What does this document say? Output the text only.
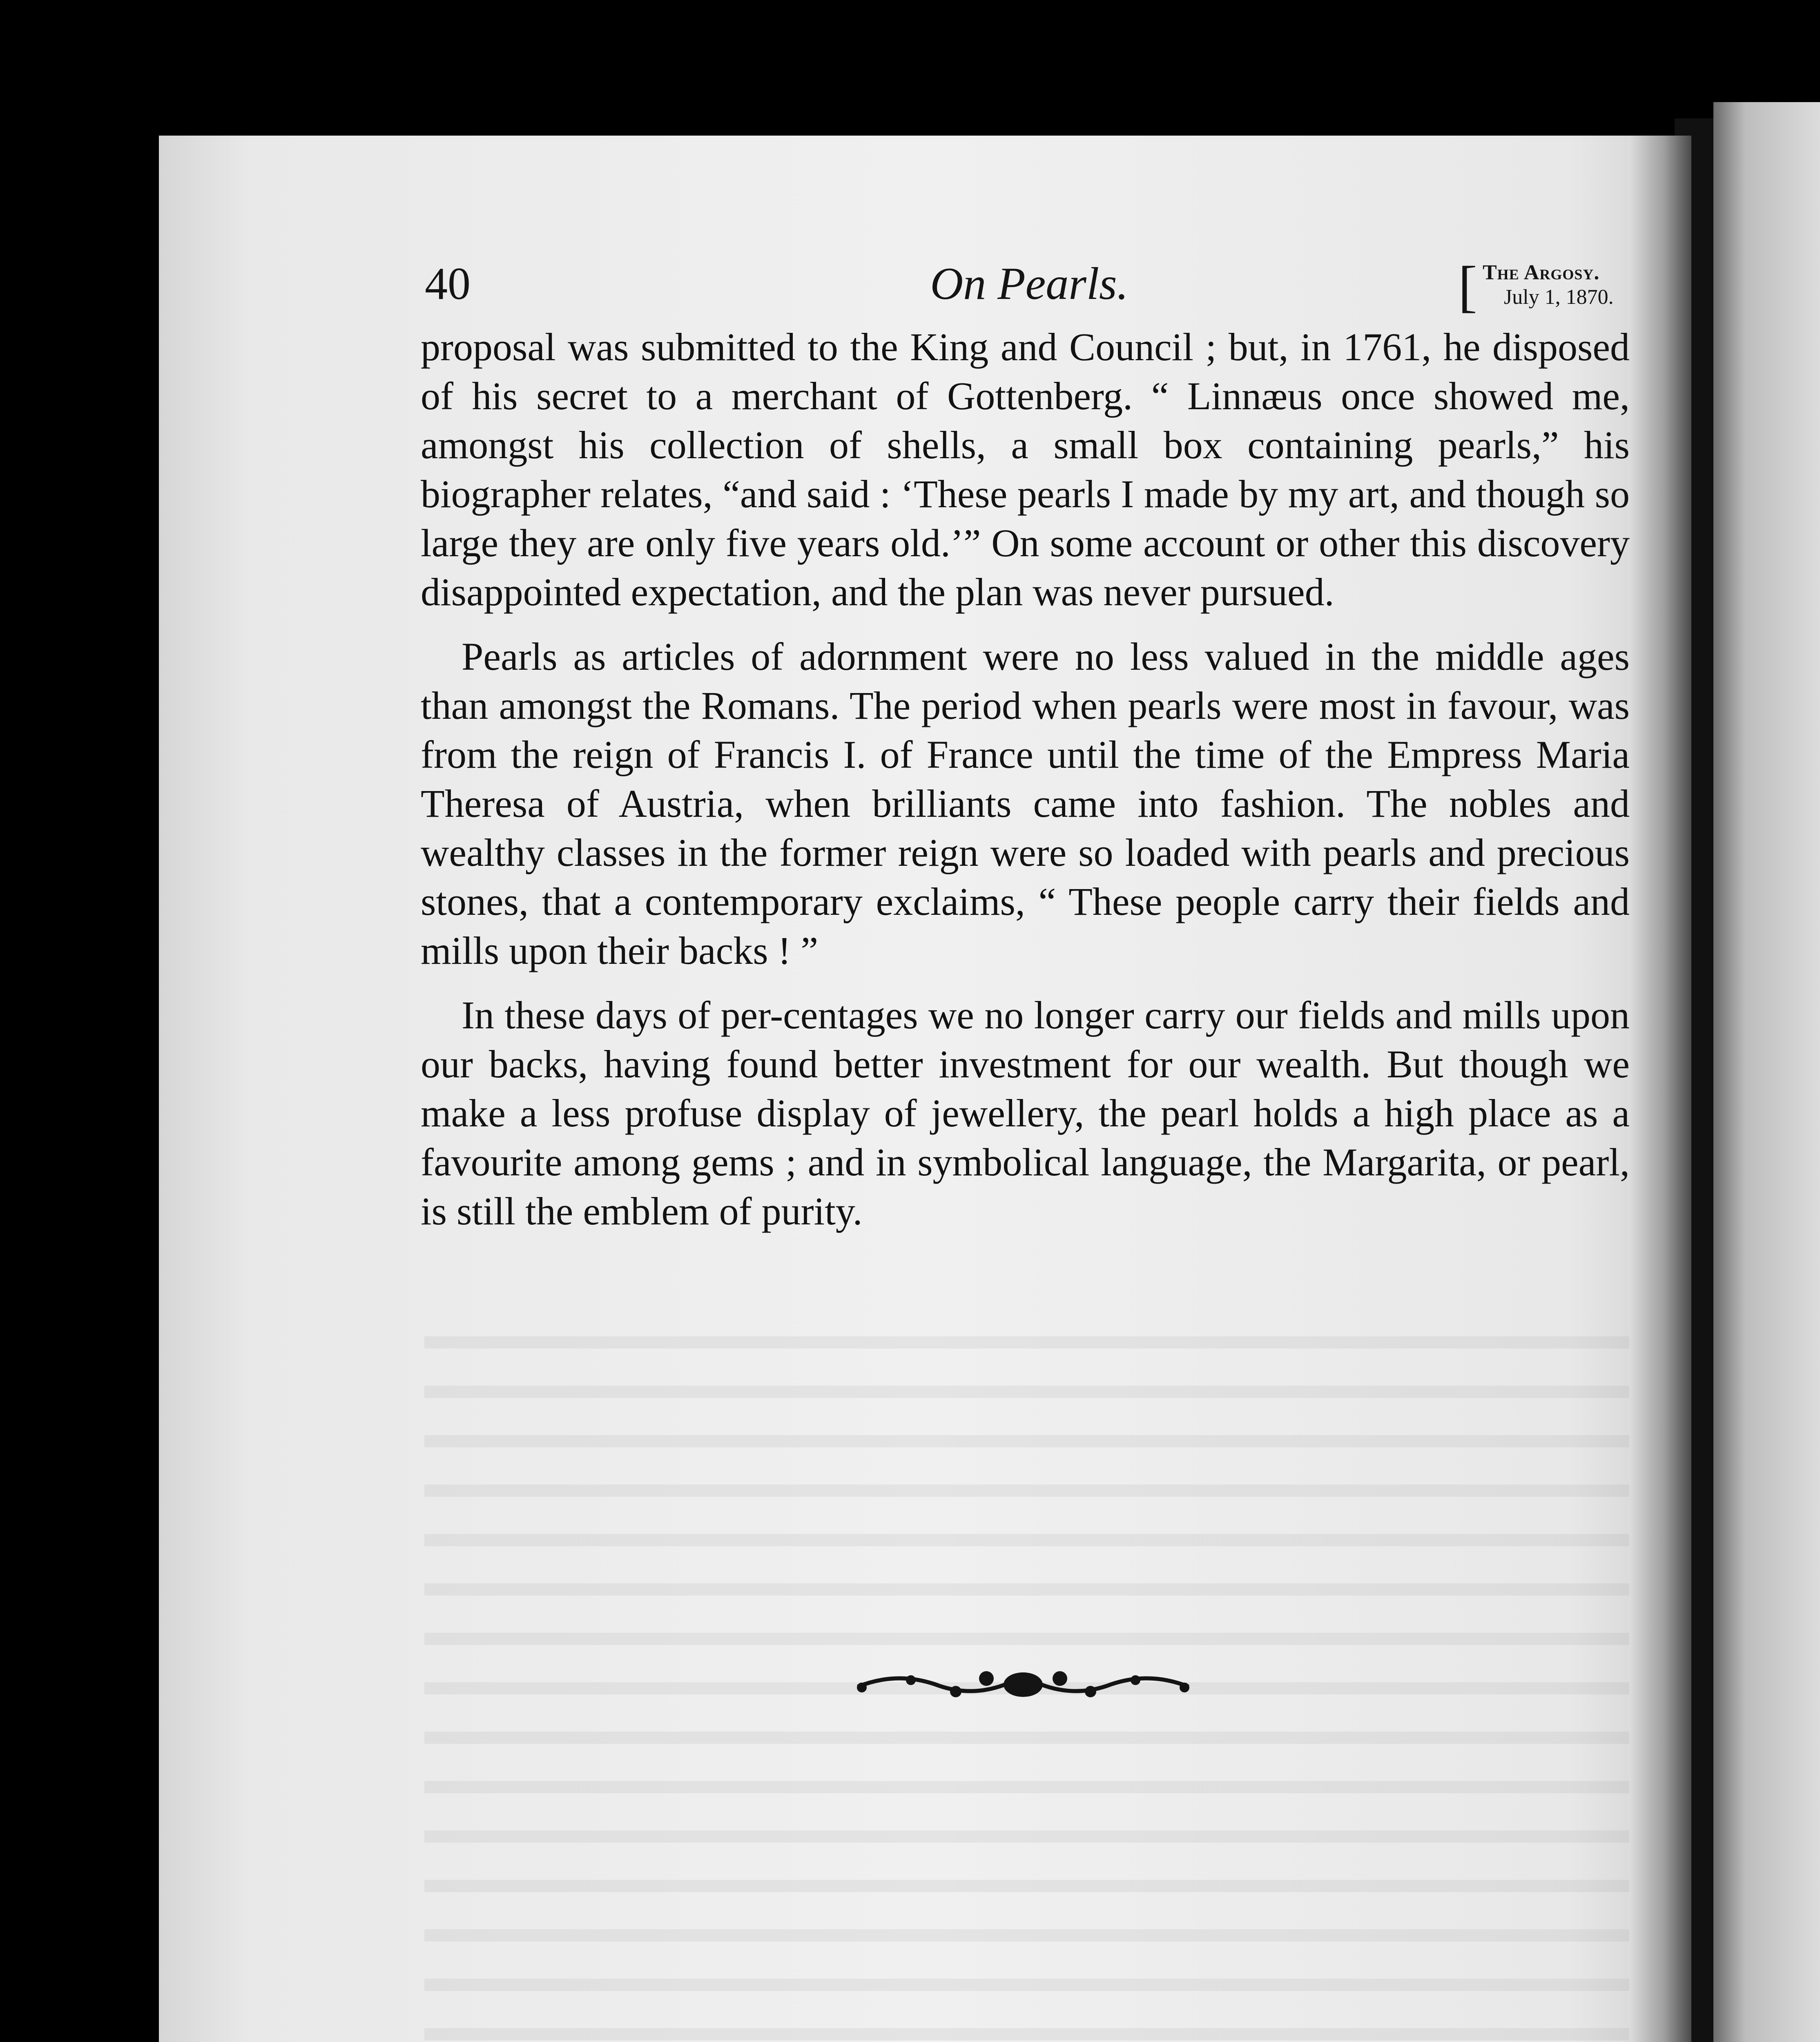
40	On Pearls.	[ The Argosy.
July 1, 1870.

proposal was submitted to the King and Council ; but, in 1761, he disposed of his secret to a merchant of Gottenberg. “ Linnæus once showed me, amongst his collection of shells, a small box containing pearls,” his biographer relates, “and said : ‘These pearls I made by my art, and though so large they are only five years old.’” On some account or other this discovery disappointed expectation, and the plan was never pursued.

Pearls as articles of adornment were no less valued in the middle ages than amongst the Romans. The period when pearls were most in favour, was from the reign of Francis I. of France until the time of the Empress Maria Theresa of Austria, when brilliants came into fashion. The nobles and wealthy classes in the former reign were so loaded with pearls and precious stones, that a contemporary exclaims, “ These people carry their fields and mills upon their backs ! ”

In these days of per-centages we no longer carry our fields and mills upon our backs, having found better investment for our wealth. But though we make a less profuse display of jewellery, the pearl holds a high place as a favourite among gems ; and in symbolical language, the Margarita, or pearl, is still the emblem of purity.
